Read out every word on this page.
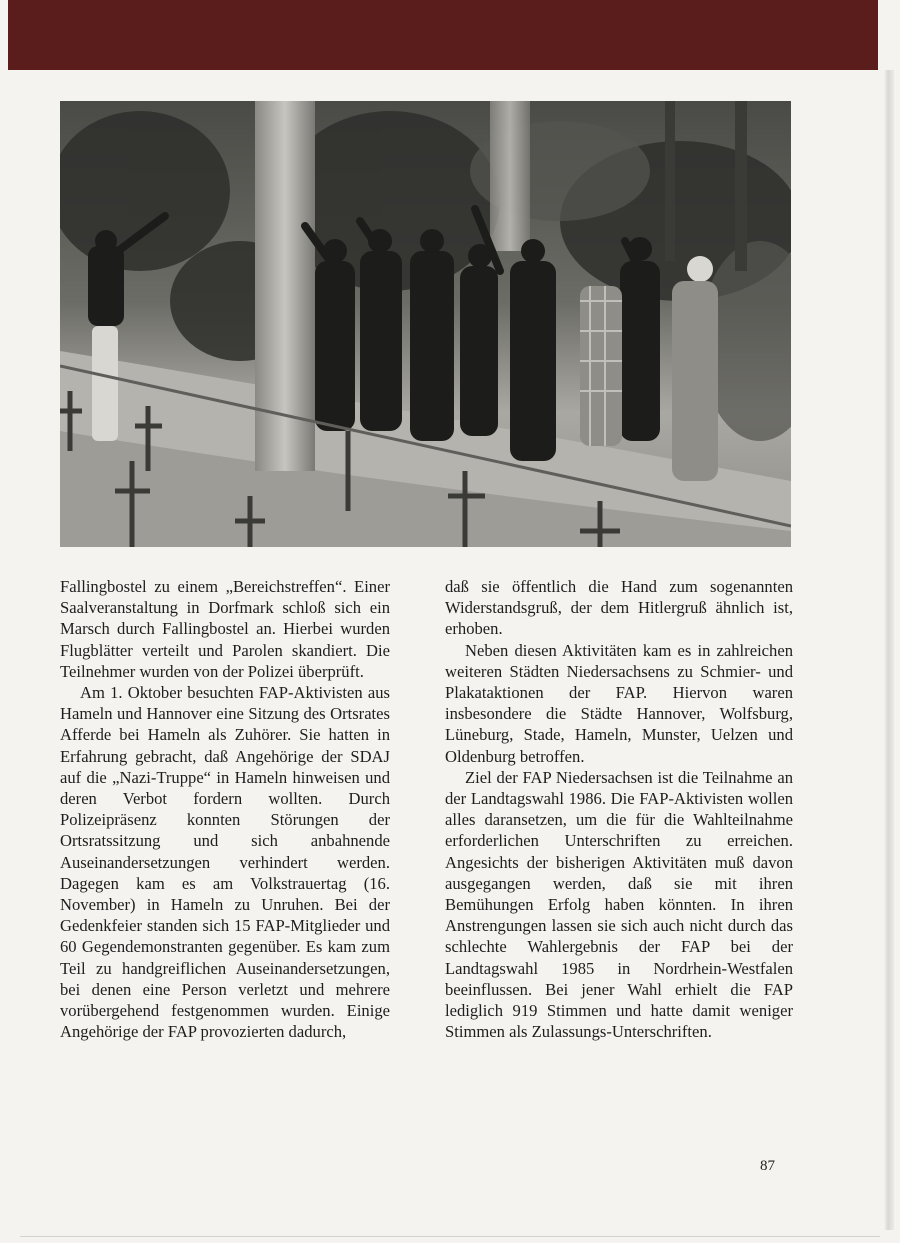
Fallingbostel zu einem „Bereichstreffen“. Einer Saalveranstaltung in Dorfmark schloß sich ein Marsch durch Fallingbostel an. Hierbei wurden Flugblätter verteilt und Parolen skandiert. Die Teilnehmer wurden von der Polizei überprüft.

Am 1. Oktober besuchten FAP-Aktivisten aus Hameln und Hannover eine Sitzung des Ortsrates Afferde bei Hameln als Zuhörer. Sie hatten in Erfahrung gebracht, daß Angehörige der SDAJ auf die „Nazi-Truppe“ in Hameln hinweisen und deren Verbot fordern wollten. Durch Polizeipräsenz konnten Störungen der Ortsratssitzung und sich anbahnende Auseinandersetzungen verhindert werden. Dagegen kam es am Volkstrauertag (16. November) in Hameln zu Unruhen. Bei der Gedenkfeier standen sich 15 FAP-Mitglieder und 60 Gegendemonstranten gegenüber. Es kam zum Teil zu handgreiflichen Auseinandersetzungen, bei denen eine Person verletzt und mehrere vorübergehend festgenommen wurden. Einige Angehörige der FAP provozierten dadurch,

daß sie öffentlich die Hand zum sogenannten Widerstandsgruß, der dem Hitlergruß ähnlich ist, erhoben.

Neben diesen Aktivitäten kam es in zahlreichen weiteren Städten Niedersachsens zu Schmier- und Plakataktionen der FAP. Hiervon waren insbesondere die Städte Hannover, Wolfsburg, Lüneburg, Stade, Hameln, Munster, Uelzen und Oldenburg betroffen.

Ziel der FAP Niedersachsen ist die Teilnahme an der Landtagswahl 1986. Die FAP-Aktivisten wollen alles daransetzen, um die für die Wahlteilnahme erforderlichen Unterschriften zu erreichen. Angesichts der bisherigen Aktivitäten muß davon ausgegangen werden, daß sie mit ihren Bemühungen Erfolg haben könnten. In ihren Anstrengungen lassen sie sich auch nicht durch das schlechte Wahlergebnis der FAP bei der Landtagswahl 1985 in Nordrhein-Westfalen beeinflussen. Bei jener Wahl erhielt die FAP lediglich 919 Stimmen und hatte damit weniger Stimmen als Zulassungs-Unterschriften.

87
